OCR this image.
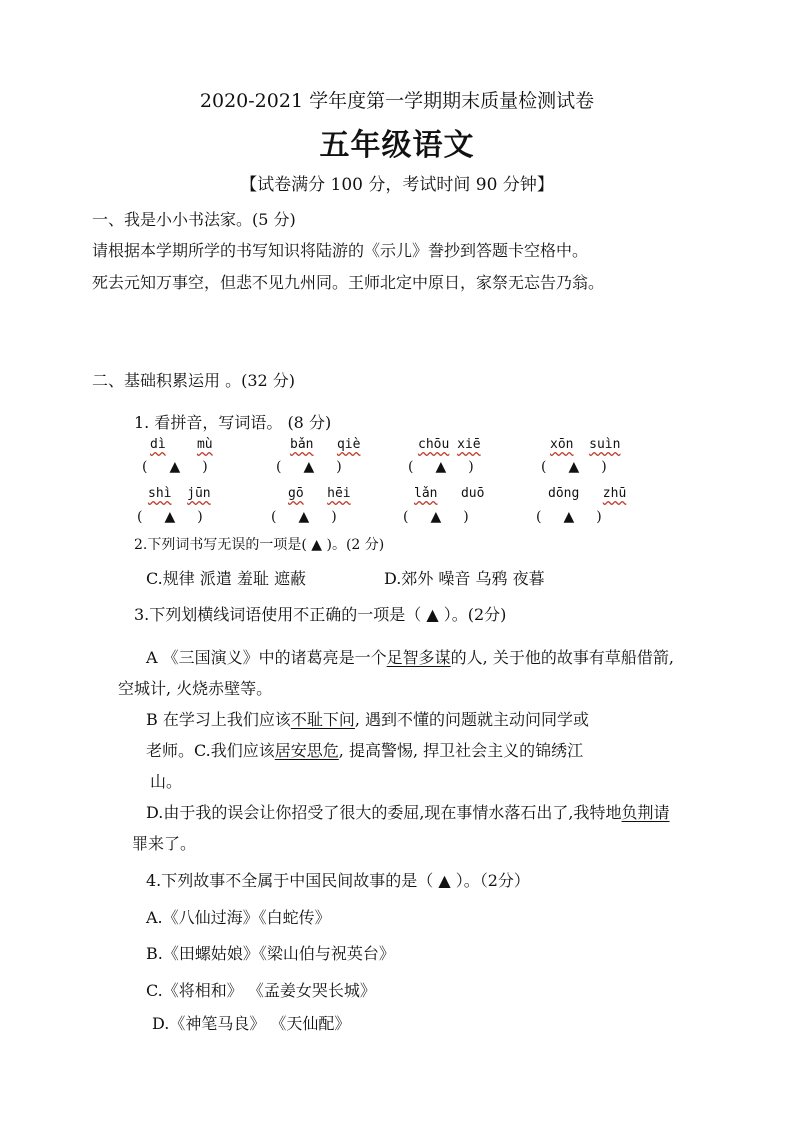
2020-2021 学年度第一学期期末质量检测试卷
五年级语文
【试卷满分 100 分，考试时间 90 分钟】
一、我是小小书法家。(5 分)
请根据本学期所学的书写知识将陆游的《示儿》誊抄到答题卡空格中。
死去元知万事空，但悲不见九州同。王师北定中原日，家祭无忘告乃翁。
二、基础积累运用 。(32 分)
1. 看拼音，写词语。 (8 分)
dì mù	bǎn qiè	chōu xiē	xōn suìn
( ▲ )	( ▲ )	( ▲ )	( ▲ )
shì jūn	gō hēi	lǎn duō	dōng zhū
( ▲ )	( ▲ )	( ▲ )	( ▲ )
2.下列词书写无误的一项是( ▲ )。(2 分)
C.规律 派遣 羞耻 遮蔽	D.郊外 噪音 乌鸦 夜暮
3.下列划横线词语使用不正确的一项是（ ▲ ）。(2分)
A 《三国演义》中的诸葛亮是一个足智多谋的人, 关于他的故事有草船借箭,
空城计, 火烧赤壁等。
B 在学习上我们应该不耻下问, 遇到不懂的问题就主动问同学或
老师。C.我们应该居安思危, 提高警惕, 捍卫社会主义的锦绣江
山。
D.由于我的误会让你招受了很大的委屈,现在事情水落石出了,我特地负荆请
罪来了。
4.下列故事不全属于中国民间故事的是（ ▲ ）。（2分）
A.《八仙过海》《白蛇传》
B.《田螺姑娘》《梁山伯与祝英台》
C.《将相和》 《孟姜女哭长城》
D.《神笔马良》 《天仙配》
